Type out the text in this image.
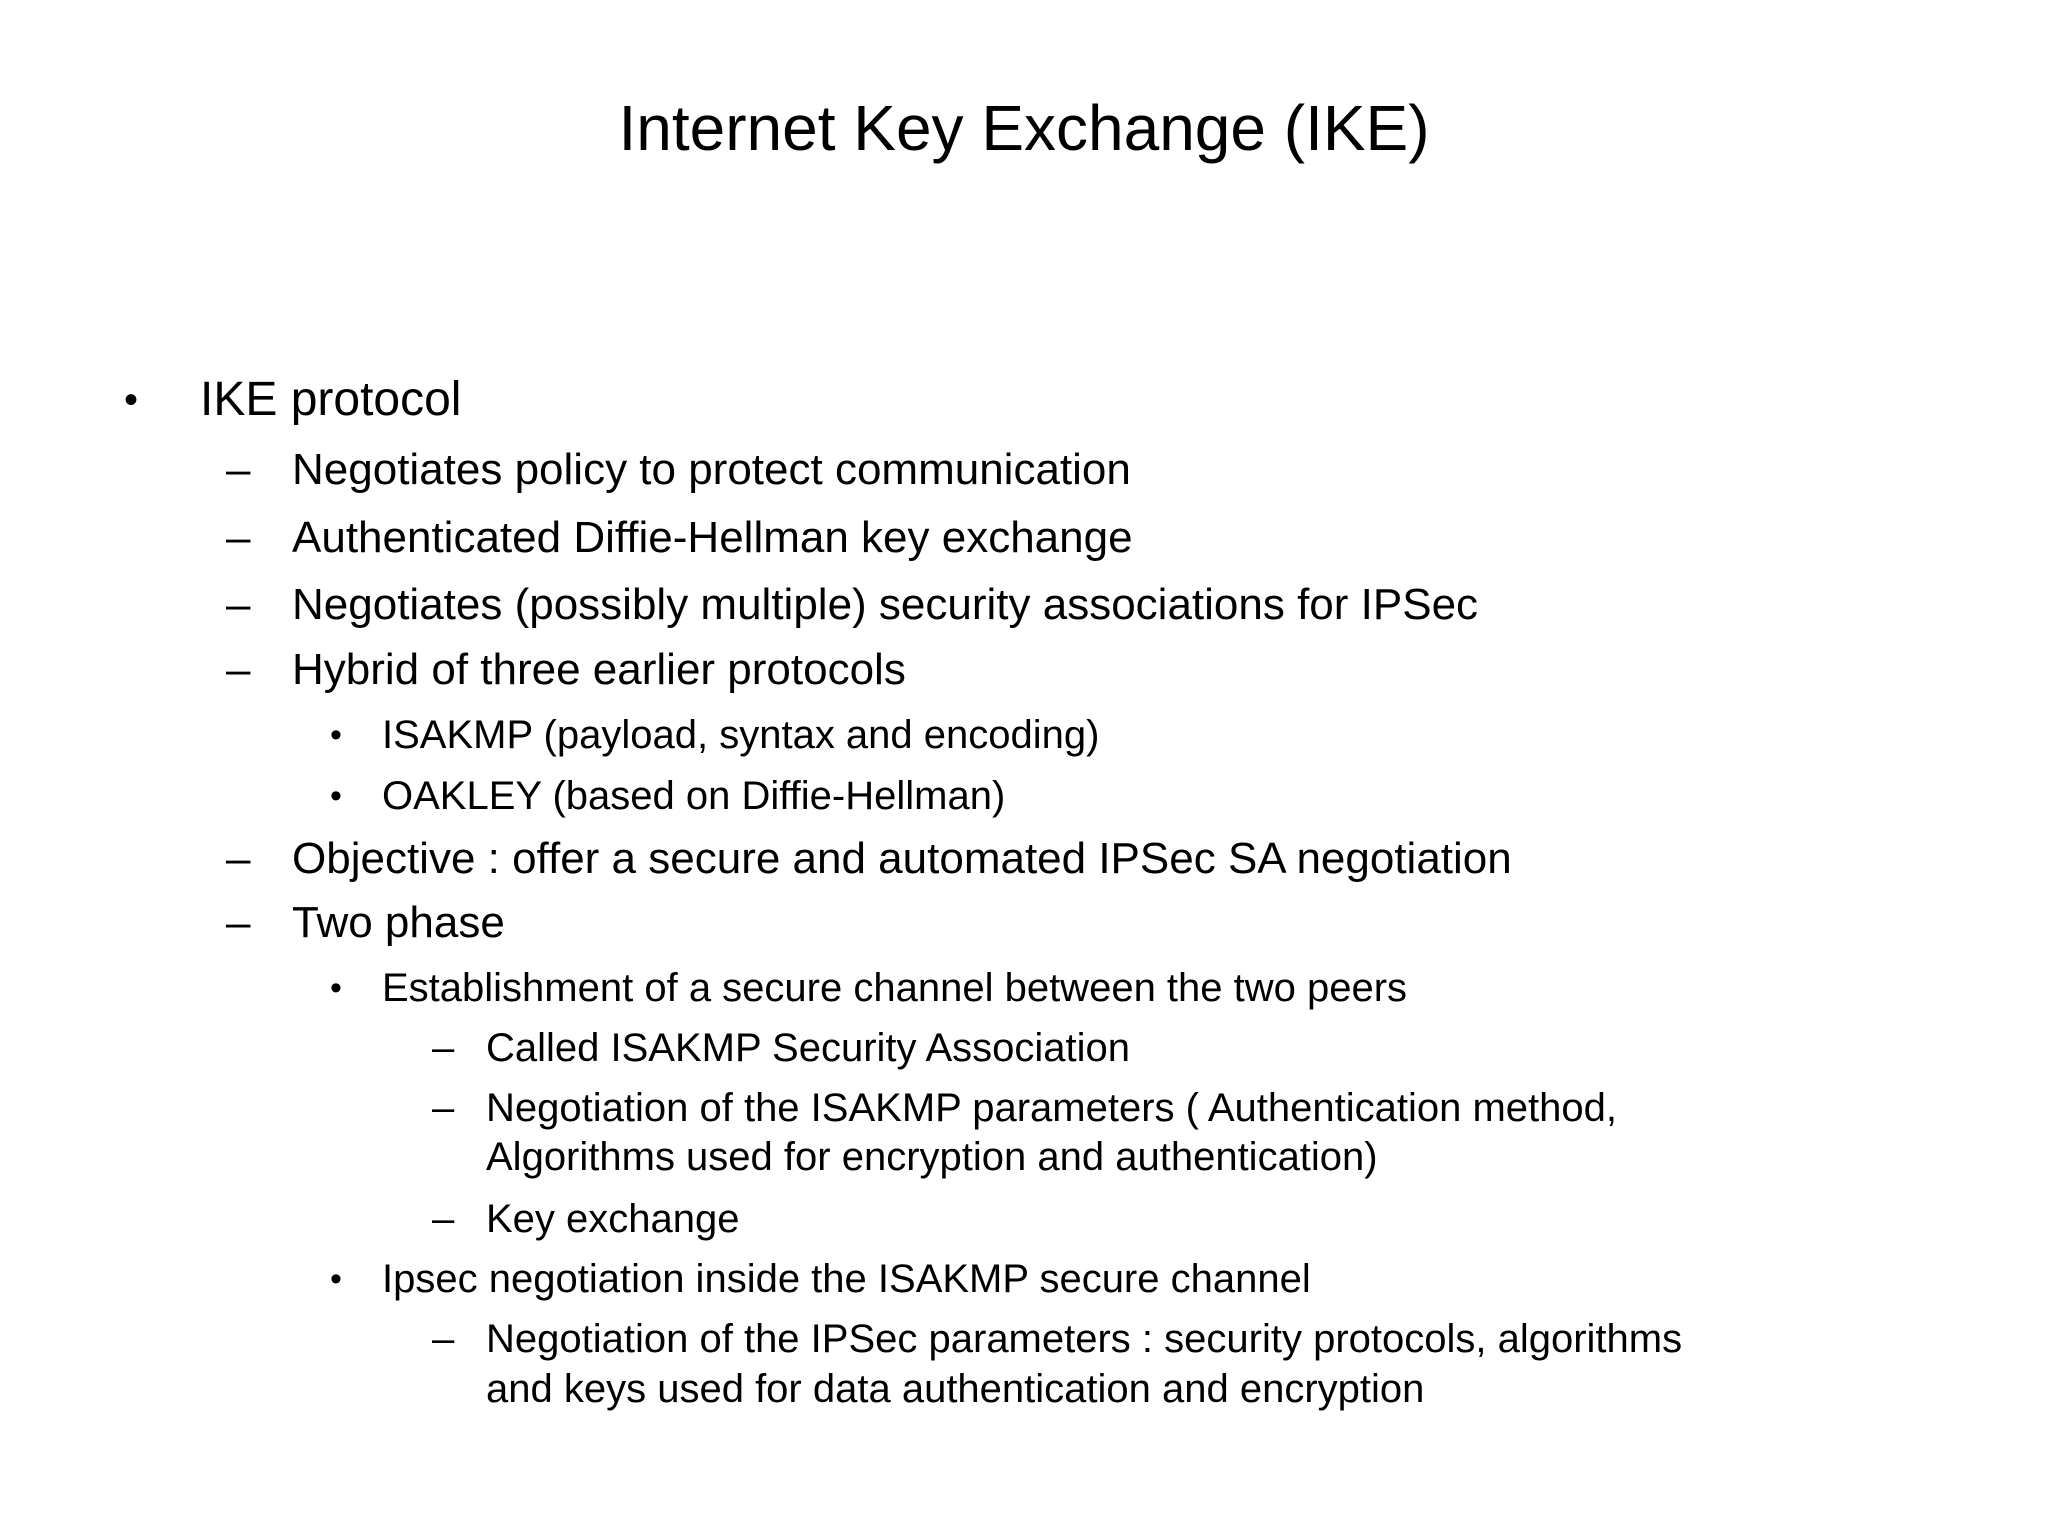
Internet Key Exchange (IKE)
• IKE protocol
– Negotiates policy to protect communication
– Authenticated Diffie-Hellman key exchange
– Negotiates (possibly multiple) security associations for IPSec
– Hybrid of three earlier protocols
• ISAKMP (payload, syntax and encoding)
• OAKLEY (based on Diffie-Hellman)
– Objective : offer a secure and automated IPSec SA negotiation
– Two phase
• Establishment of a secure channel between the two peers
– Called ISAKMP Security Association
– Negotiation of the ISAKMP parameters ( Authentication method,
Algorithms used for encryption and authentication)
– Key exchange
• Ipsec negotiation inside the ISAKMP secure channel
– Negotiation of the IPSec parameters : security protocols, algorithms
and keys used for data authentication and encryption
